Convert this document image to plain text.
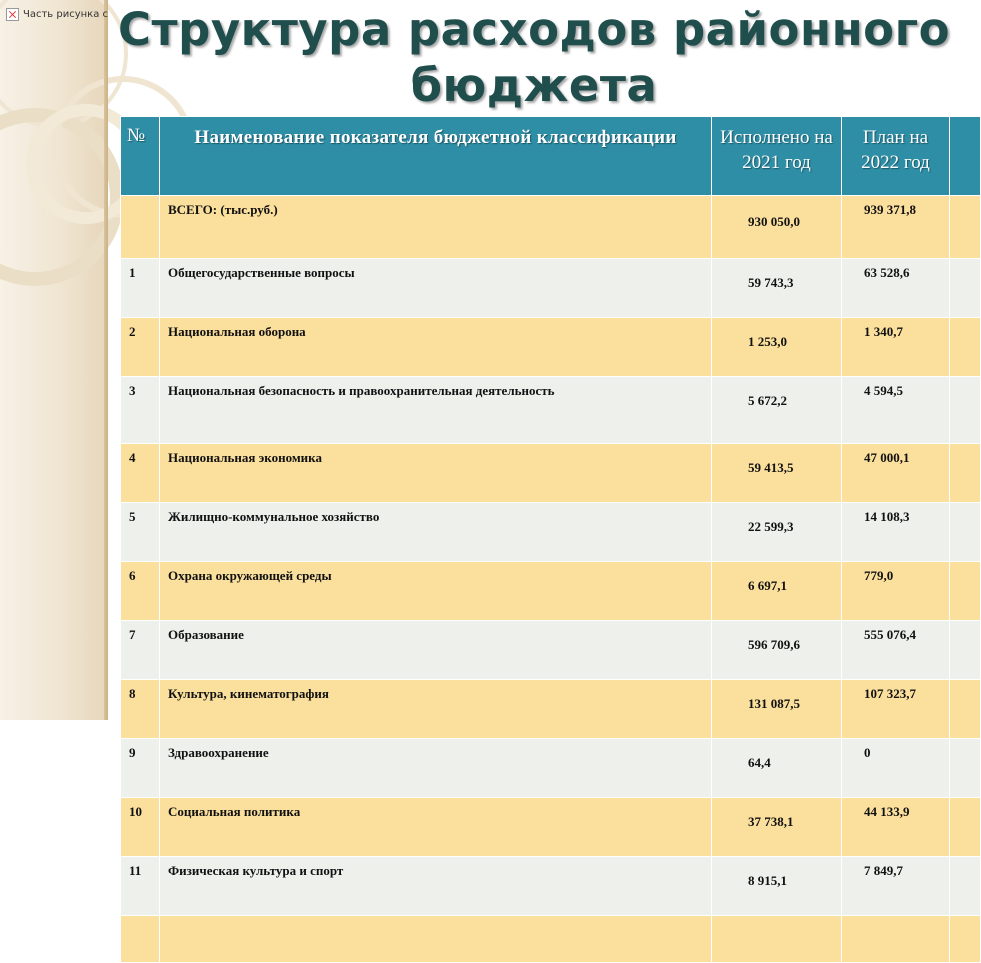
Часть рисунка с Структура расходов районного бюджета
№	Наименование показателя бюджетной классификации	Исполнено на 2021 год	План на 2022 год	
	ВСЕГО: (тыс.руб.)	930 050,0	939 371,8	
1	Общегосударственные вопросы	59 743,3	63 528,6	
2	Национальная оборона	1 253,0	1 340,7	
3	Национальная безопасность и правоохранительная деятельность	5 672,2	4 594,5	
4	Национальная экономика	59 413,5	47 000,1	
5	Жилищно-коммунальное хозяйство	22 599,3	14 108,3	
6	Охрана окружающей среды	6 697,1	779,0	
7	Образование	596 709,6	555 076,4	
8	Культура, кинематография	131 087,5	107 323,7	
9	Здравоохранение	64,4	0	
10	Социальная политика	37 738,1	44 133,9	
11	Физическая культура и спорт	8 915,1	7 849,7	
